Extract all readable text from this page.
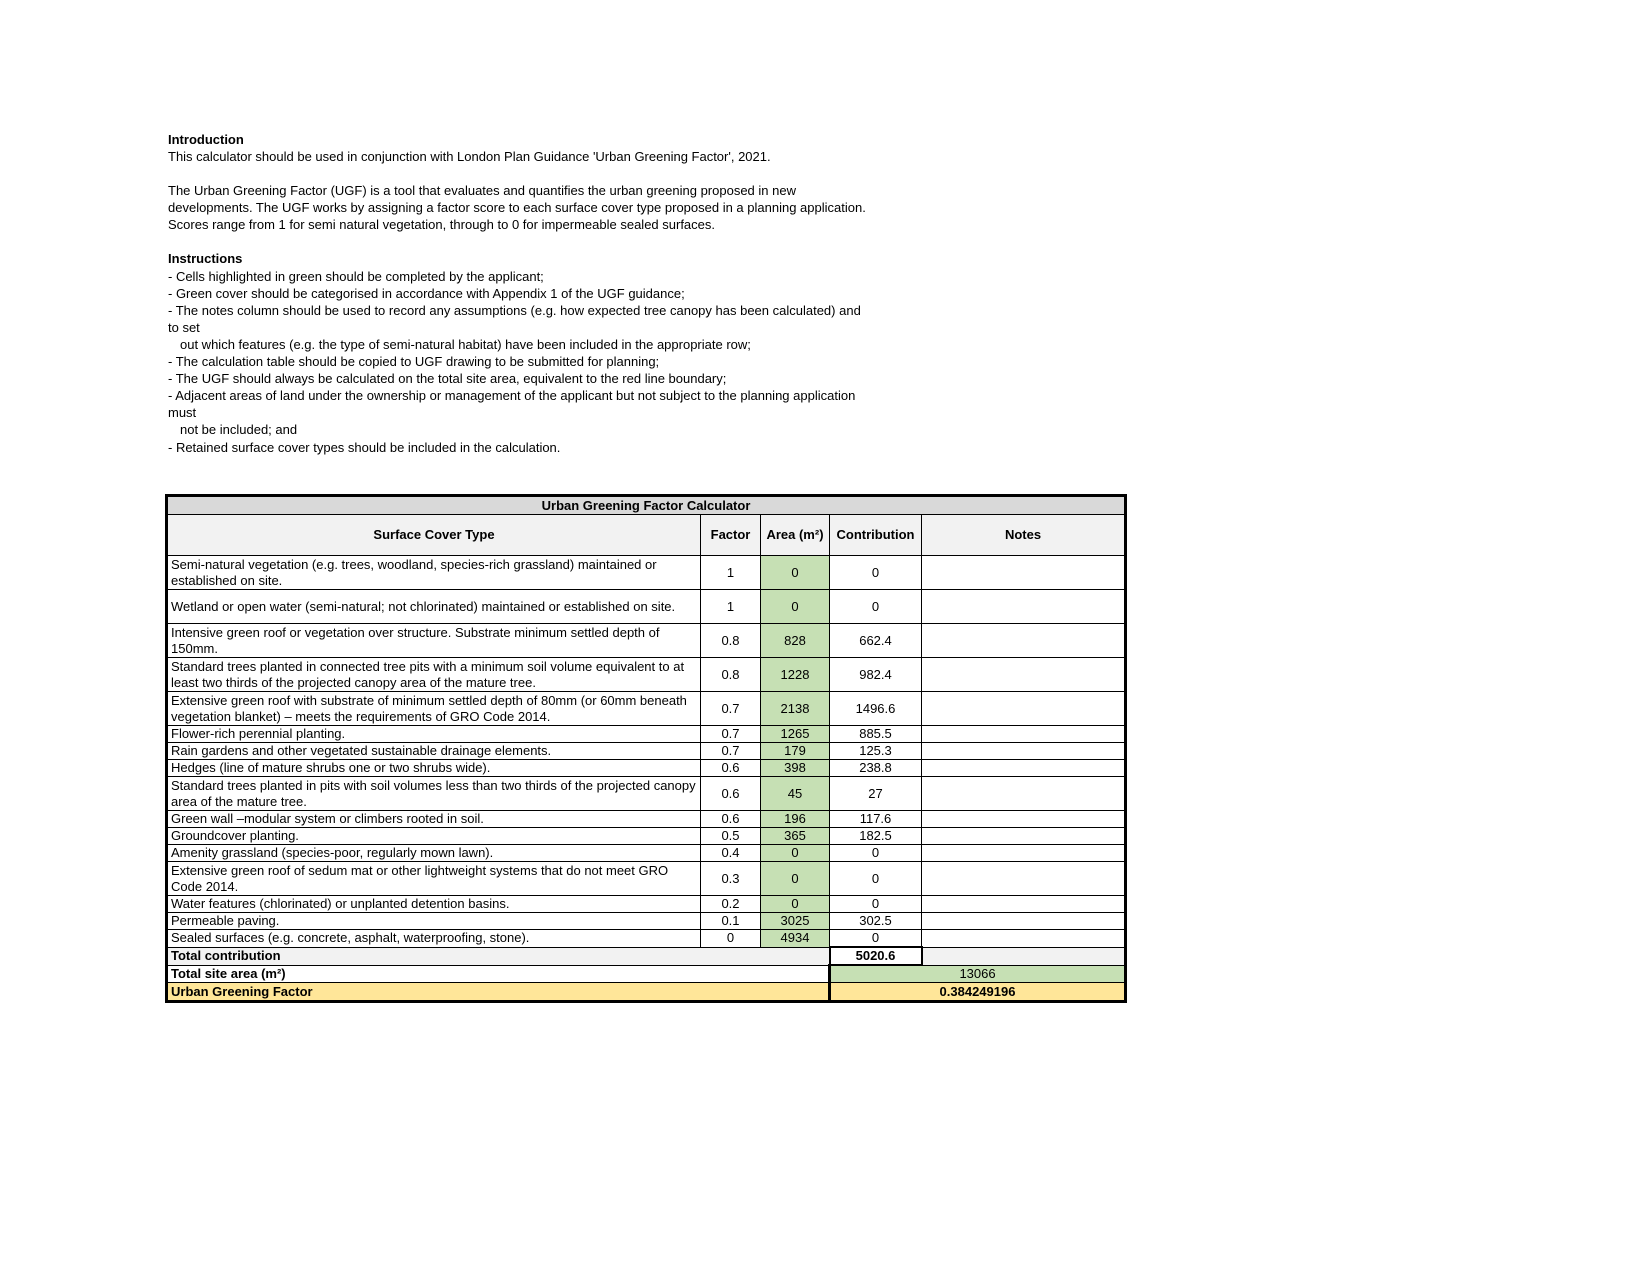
Introduction

This calculator should be used in conjunction with London Plan Guidance 'Urban Greening Factor', 2021.

The Urban Greening Factor (UGF) is a tool that evaluates and quantifies the urban greening proposed in new

developments. The UGF works by assigning a factor score to each surface cover type proposed in a planning application.

Scores range from 1 for semi natural vegetation, through to 0 for impermeable sealed surfaces.

Instructions

- Cells highlighted in green should be completed by the applicant;

- Green cover should be categorised in accordance with Appendix 1 of the UGF guidance;

- The notes column should be used to record any assumptions (e.g. how expected tree canopy has been calculated) and

to set

out which features (e.g. the type of semi-natural habitat) have been included in the appropriate row;

- The calculation table should be copied to UGF drawing to be submitted for planning;

- The UGF should always be calculated on the total site area, equivalent to the red line boundary;

- Adjacent areas of land under the ownership or management of the applicant but not subject to the planning application

must

not be included; and

- Retained surface cover types should be included in the calculation.

Urban Greening Factor Calculator				
Surface Cover Type	Factor	Area (m²)	Contribution	Notes
Semi-natural vegetation (e.g. trees, woodland, species-rich grassland) maintained or established on site.	1	0	0	
Wetland or open water (semi-natural; not chlorinated) maintained or established on site.	1	0	0	
Intensive green roof or vegetation over structure. Substrate minimum settled depth of 150mm.	0.8	828	662.4	
Standard trees planted in connected tree pits with a minimum soil volume equivalent to at least two thirds of the projected canopy area of the mature tree.	0.8	1228	982.4	
Extensive green roof with substrate of minimum settled depth of 80mm (or 60mm beneath vegetation blanket) – meets the requirements of GRO Code 2014.	0.7	2138	1496.6	
Flower-rich perennial planting.	0.7	1265	885.5	
Rain gardens and other vegetated sustainable drainage elements.	0.7	179	125.3	
Hedges (line of mature shrubs one or two shrubs wide).	0.6	398	238.8	
Standard trees planted in pits with soil volumes less than two thirds of the projected canopy area of the mature tree.	0.6	45	27	
Green wall –modular system or climbers rooted in soil.	0.6	196	117.6	
Groundcover planting.	0.5	365	182.5	
Amenity grassland (species-poor, regularly mown lawn).	0.4	0	0	
Extensive green roof of sedum mat or other lightweight systems that do not meet GRO Code 2014.	0.3	0	0	
Water features (chlorinated) or unplanted detention basins.	0.2	0	0	
Permeable paving.	0.1	3025	302.5	
Sealed surfaces (e.g. concrete, asphalt, waterproofing, stone).	0	4934	0	
Total contribution			5020.6	
Total site area (m²)			13066	
Urban Greening Factor			0.384249196	
